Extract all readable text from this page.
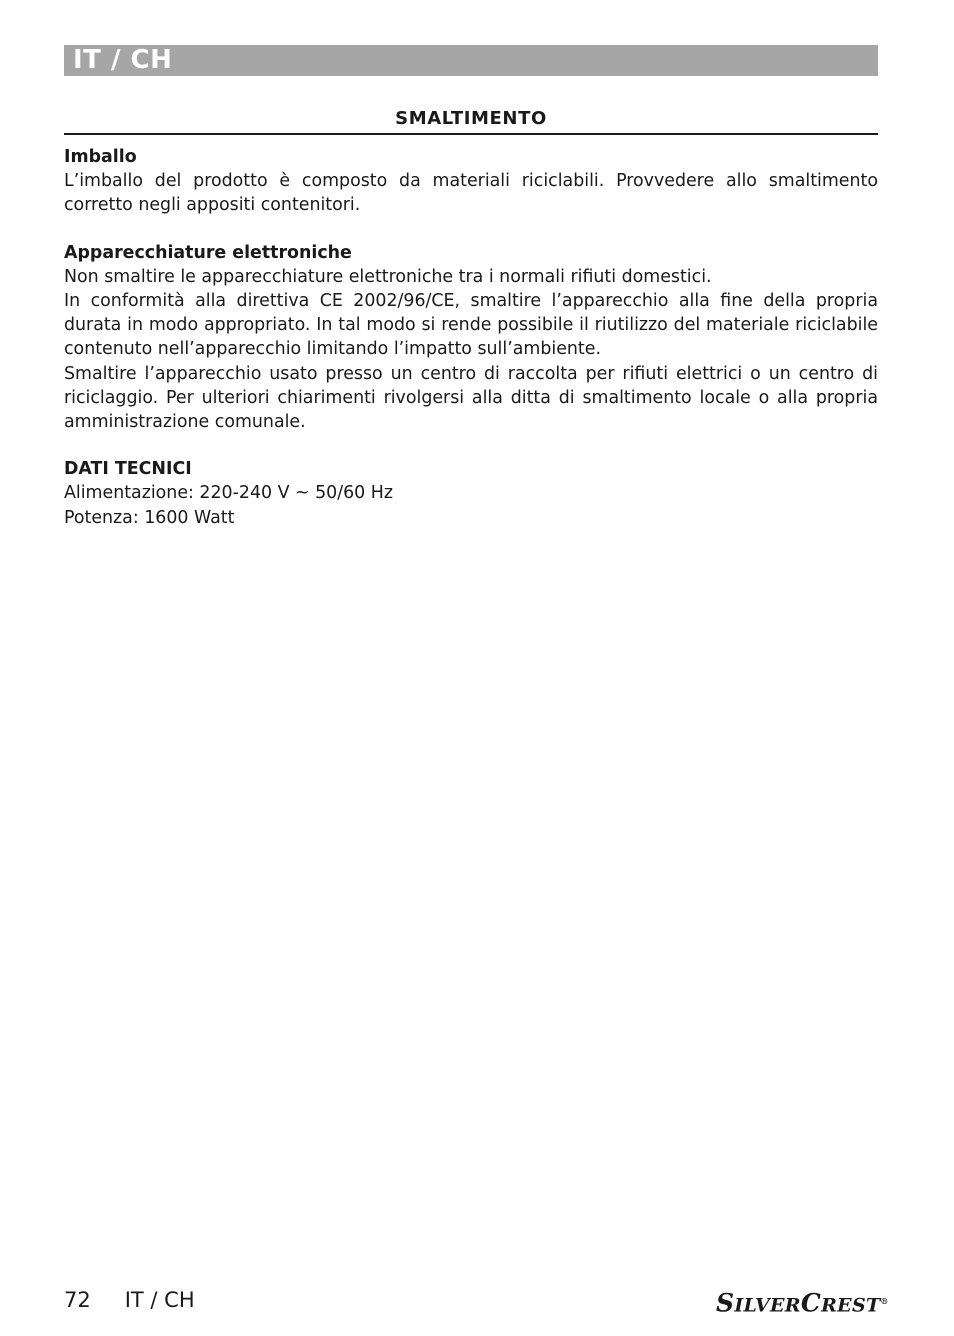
IT / CH
SMALTIMENTO

Imballo

L’imballo del prodotto è composto da materiali riciclabili. Provvedere allo smaltimento corretto negli appositi contenitori.

Apparecchiature elettroniche

Non smaltire le apparecchiature elettroniche tra i normali rifiuti domestici.

In conformità alla direttiva CE 2002/96/CE, smaltire l’apparecchio alla fine della propria durata in modo appropriato. In tal modo si rende possibile il riutilizzo del materiale riciclabile contenuto nell’apparecchio limitando l’impatto sull’ambiente.

Smaltire l’apparecchio usato presso un centro di raccolta per rifiuti elettrici o un centro di riciclaggio. Per ulteriori chiarimenti rivolgersi alla ditta di smaltimento locale o alla propria amministrazione comunale.

DATI TECNICI

Alimentazione: 220-240 V ~ 50/60 Hz

Potenza: 1600 Watt

72 IT / CH	SILVERCREST®
